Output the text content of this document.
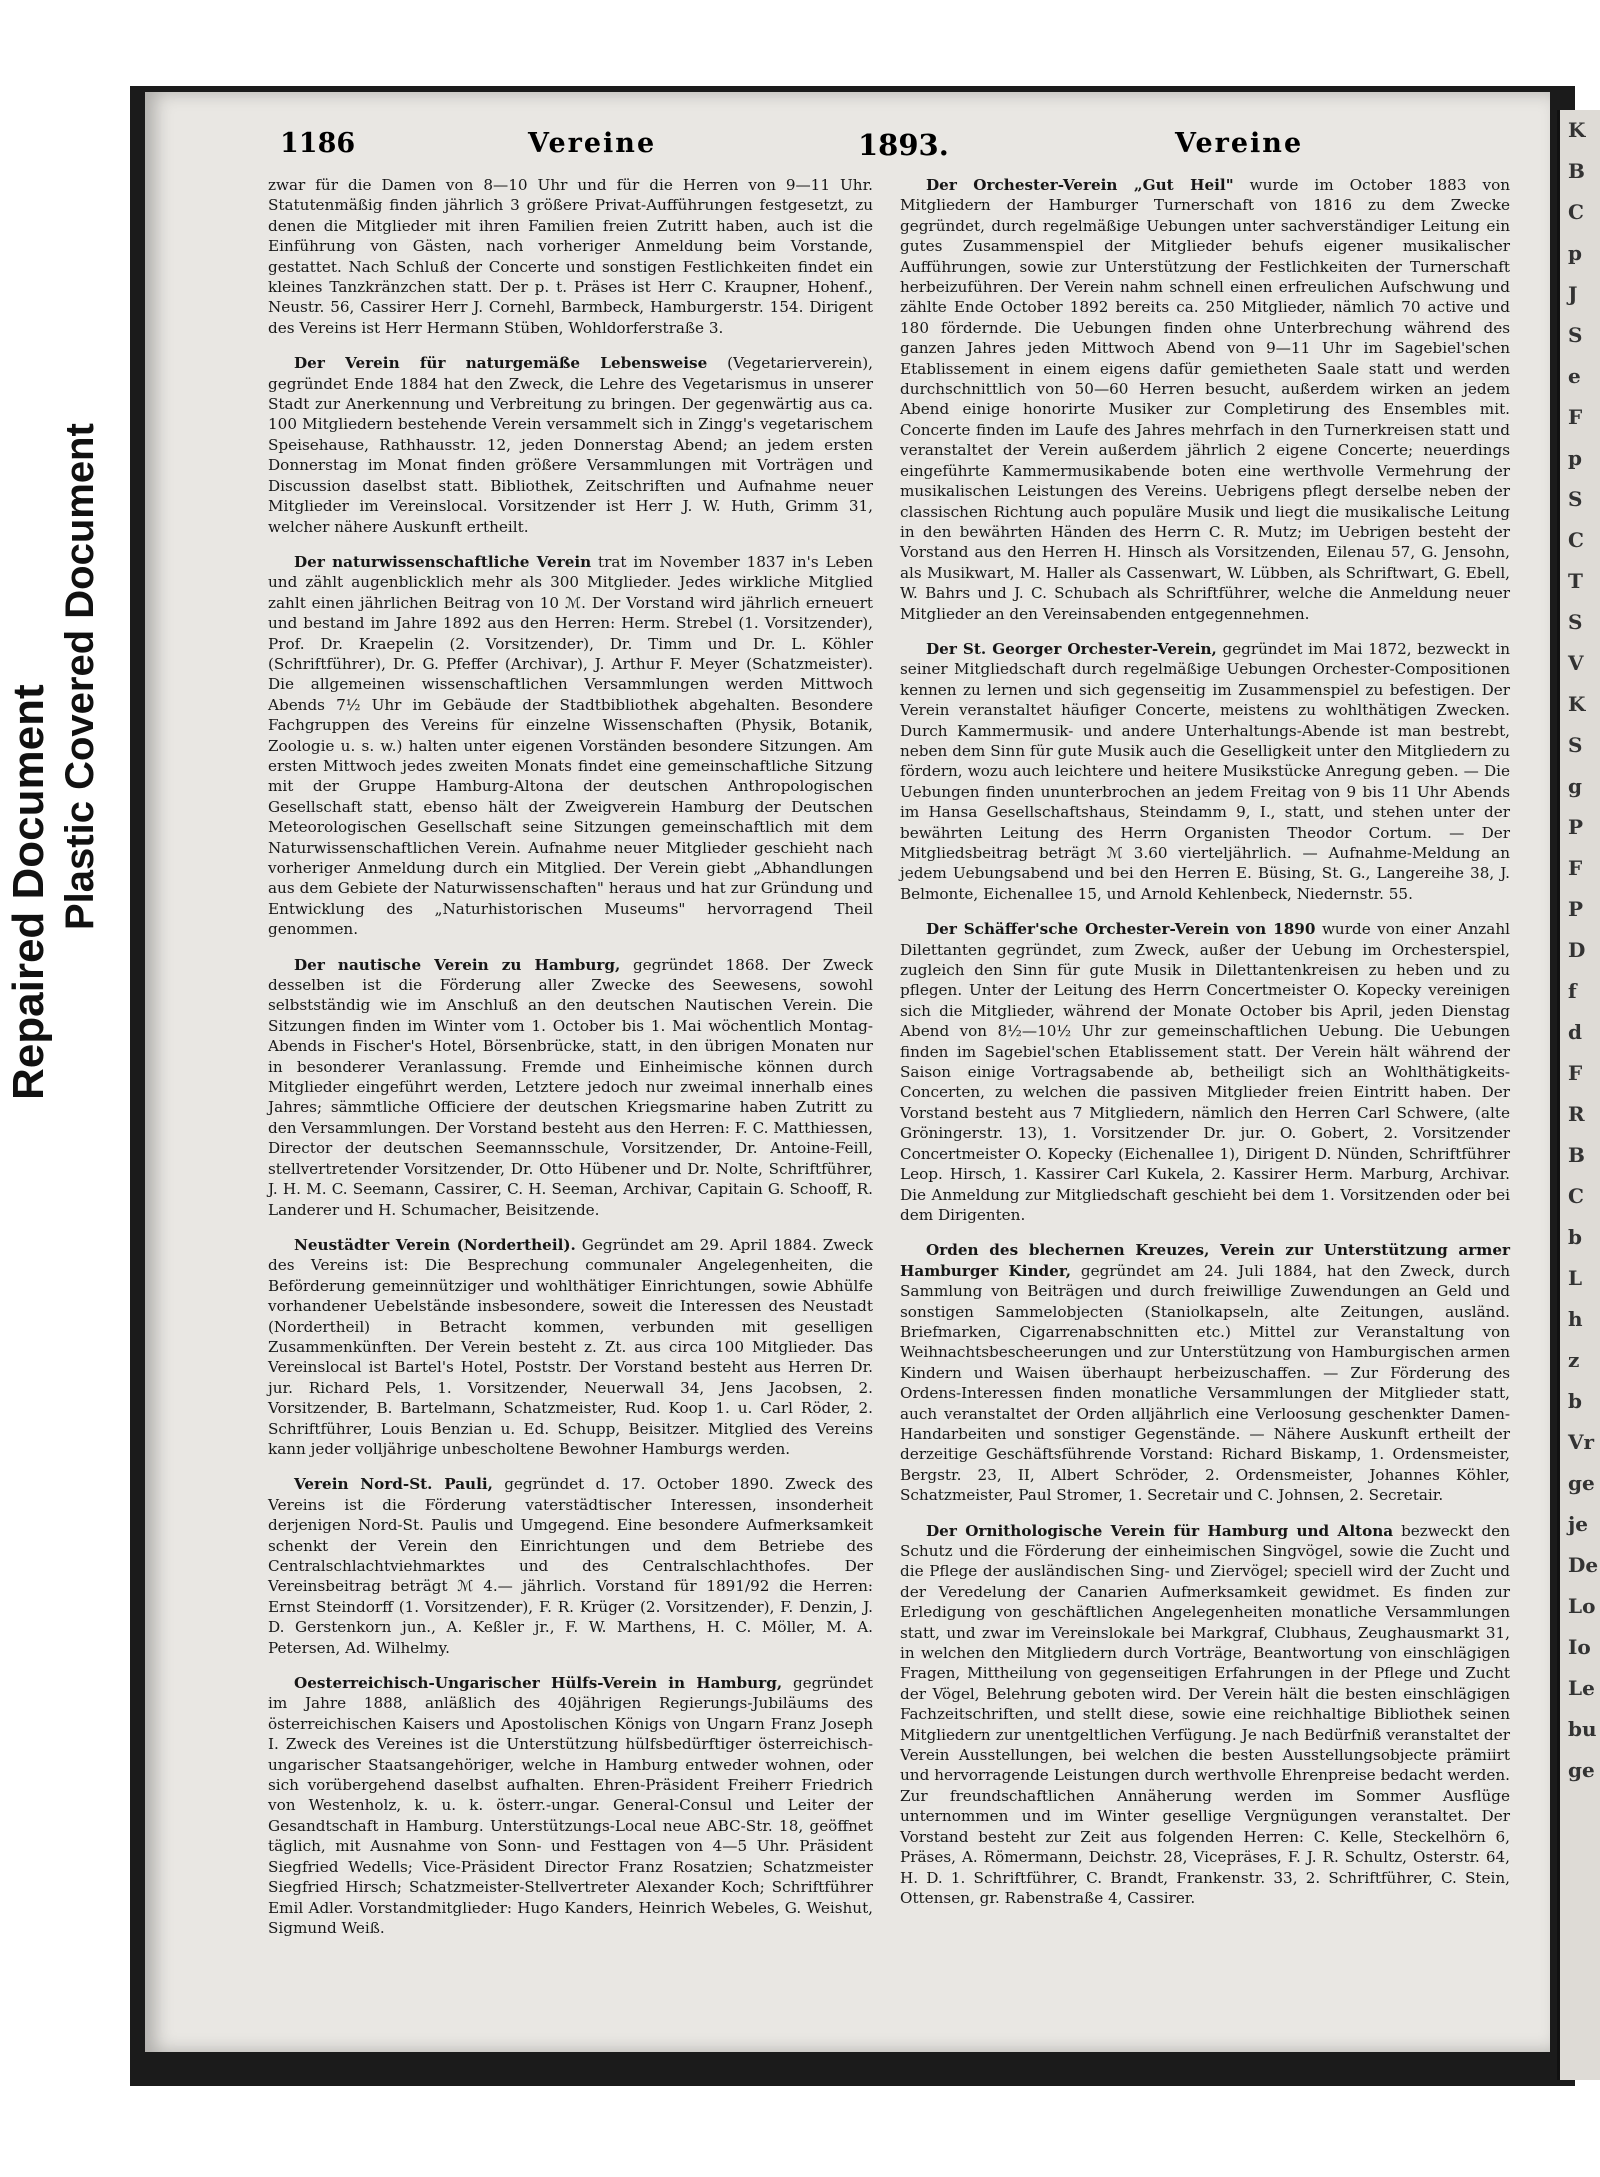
Repaired Document Plastic Covered Document
K
B
C
p
J
S
e
F
p
S
C
T
S
V
K
S
g
P
F
P
D
f
d
F
R
B
C
b
L
h
z
b
Vr
ge
je
De
Lo
Io
Le
bu
ge
1186	Vereine	1893.	Vereine

zwar für die Damen von 8—10 Uhr und für die Herren von 9—11 Uhr. Statutenmäßig finden jährlich 3 größere Privat-Aufführungen festgesetzt, zu denen die Mitglieder mit ihren Familien freien Zutritt haben, auch ist die Einführung von Gästen, nach vorheriger Anmeldung beim Vorstande, gestattet. Nach Schluß der Concerte und sonstigen Festlichkeiten findet ein kleines Tanzkränzchen statt. Der p. t. Präses ist Herr C. Kraupner, Hohenf., Neustr. 56, Cassirer Herr J. Cornehl, Barmbeck, Hamburgerstr. 154. Dirigent des Vereins ist Herr Hermann Stüben, Wohldorferstraße 3.

Der Verein für naturgemäße Lebensweise (Vegetarierverein), gegründet Ende 1884 hat den Zweck, die Lehre des Vegetarismus in unserer Stadt zur Anerkennung und Verbreitung zu bringen. Der gegenwärtig aus ca. 100 Mitgliedern bestehende Verein versammelt sich in Zingg's vegetarischem Speisehause, Rathhausstr. 12, jeden Donnerstag Abend; an jedem ersten Donnerstag im Monat finden größere Versammlungen mit Vorträgen und Discussion daselbst statt. Bibliothek, Zeitschriften und Aufnahme neuer Mitglieder im Vereinslocal. Vorsitzender ist Herr J. W. Huth, Grimm 31, welcher nähere Auskunft ertheilt.

Der naturwissenschaftliche Verein trat im November 1837 in's Leben und zählt augenblicklich mehr als 300 Mitglieder. Jedes wirkliche Mitglied zahlt einen jährlichen Beitrag von 10 ℳ. Der Vorstand wird jährlich erneuert und bestand im Jahre 1892 aus den Herren: Herm. Strebel (1. Vorsitzender), Prof. Dr. Kraepelin (2. Vorsitzender), Dr. Timm und Dr. L. Köhler (Schriftführer), Dr. G. Pfeffer (Archivar), J. Arthur F. Meyer (Schatzmeister). Die allgemeinen wissenschaftlichen Versammlungen werden Mittwoch Abends 7½ Uhr im Gebäude der Stadtbibliothek abgehalten. Besondere Fachgruppen des Vereins für einzelne Wissenschaften (Physik, Botanik, Zoologie u. s. w.) halten unter eigenen Vorständen besondere Sitzungen. Am ersten Mittwoch jedes zweiten Monats findet eine gemeinschaftliche Sitzung mit der Gruppe Hamburg-Altona der deutschen Anthropologischen Gesellschaft statt, ebenso hält der Zweigverein Hamburg der Deutschen Meteorologischen Gesellschaft seine Sitzungen gemeinschaftlich mit dem Naturwissenschaftlichen Verein. Aufnahme neuer Mitglieder geschieht nach vorheriger Anmeldung durch ein Mitglied. Der Verein giebt „Abhandlungen aus dem Gebiete der Naturwissenschaften" heraus und hat zur Gründung und Entwicklung des „Naturhistorischen Museums" hervorragend Theil genommen.

Der nautische Verein zu Hamburg, gegründet 1868. Der Zweck desselben ist die Förderung aller Zwecke des Seewesens, sowohl selbstständig wie im Anschluß an den deutschen Nautischen Verein. Die Sitzungen finden im Winter vom 1. October bis 1. Mai wöchentlich Montag-Abends in Fischer's Hotel, Börsenbrücke, statt, in den übrigen Monaten nur in besonderer Veranlassung. Fremde und Einheimische können durch Mitglieder eingeführt werden, Letztere jedoch nur zweimal innerhalb eines Jahres; sämmtliche Officiere der deutschen Kriegsmarine haben Zutritt zu den Versammlungen. Der Vorstand besteht aus den Herren: F. C. Matthiessen, Director der deutschen Seemannsschule, Vorsitzender, Dr. Antoine-Feill, stellvertretender Vorsitzender, Dr. Otto Hübener und Dr. Nolte, Schriftführer, J. H. M. C. Seemann, Cassirer, C. H. Seeman, Archivar, Capitain G. Schooff, R. Landerer und H. Schumacher, Beisitzende.

Neustädter Verein (Nordertheil). Gegründet am 29. April 1884. Zweck des Vereins ist: Die Besprechung communaler Angelegenheiten, die Beförderung gemeinnütziger und wohlthätiger Einrichtungen, sowie Abhülfe vorhandener Uebelstände insbesondere, soweit die Interessen des Neustadt (Nordertheil) in Betracht kommen, verbunden mit geselligen Zusammenkünften. Der Verein besteht z. Zt. aus circa 100 Mitglieder. Das Vereinslocal ist Bartel's Hotel, Poststr. Der Vorstand besteht aus Herren Dr. jur. Richard Pels, 1. Vorsitzender, Neuerwall 34, Jens Jacobsen, 2. Vorsitzender, B. Bartelmann, Schatzmeister, Rud. Koop 1. u. Carl Röder, 2. Schriftführer, Louis Benzian u. Ed. Schupp, Beisitzer. Mitglied des Vereins kann jeder volljährige unbescholtene Bewohner Hamburgs werden.

Verein Nord-St. Pauli, gegründet d. 17. October 1890. Zweck des Vereins ist die Förderung vaterstädtischer Interessen, insonderheit derjenigen Nord-St. Paulis und Umgegend. Eine besondere Aufmerksamkeit schenkt der Verein den Einrichtungen und dem Betriebe des Centralschlachtviehmarktes und des Centralschlachthofes. Der Vereinsbeitrag beträgt ℳ 4.— jährlich. Vorstand für 1891/92 die Herren: Ernst Steindorff (1. Vorsitzender), F. R. Krüger (2. Vorsitzender), F. Denzin, J. D. Gerstenkorn jun., A. Keßler jr., F. W. Marthens, H. C. Möller, M. A. Petersen, Ad. Wilhelmy.

Oesterreichisch-Ungarischer Hülfs-Verein in Hamburg, gegründet im Jahre 1888, anläßlich des 40jährigen Regierungs-Jubiläums des österreichischen Kaisers und Apostolischen Königs von Ungarn Franz Joseph I. Zweck des Vereines ist die Unterstützung hülfsbedürftiger österreichisch-ungarischer Staatsangehöriger, welche in Hamburg entweder wohnen, oder sich vorübergehend daselbst aufhalten. Ehren-Präsident Freiherr Friedrich von Westenholz, k. u. k. österr.-ungar. General-Consul und Leiter der Gesandtschaft in Hamburg. Unterstützungs-Local neue ABC-Str. 18, geöffnet täglich, mit Ausnahme von Sonn- und Festtagen von 4—5 Uhr. Präsident Siegfried Wedells; Vice-Präsident Director Franz Rosatzien; Schatzmeister Siegfried Hirsch; Schatzmeister-Stellvertreter Alexander Koch; Schriftführer Emil Adler. Vorstandmitglieder: Hugo Kanders, Heinrich Webeles, G. Weishut, Sigmund Weiß.

Der Orchester-Verein „Gut Heil" wurde im October 1883 von Mitgliedern der Hamburger Turnerschaft von 1816 zu dem Zwecke gegründet, durch regelmäßige Uebungen unter sachverständiger Leitung ein gutes Zusammenspiel der Mitglieder behufs eigener musikalischer Aufführungen, sowie zur Unterstützung der Festlichkeiten der Turnerschaft herbeizuführen. Der Verein nahm schnell einen erfreulichen Aufschwung und zählte Ende October 1892 bereits ca. 250 Mitglieder, nämlich 70 active und 180 fördernde. Die Uebungen finden ohne Unterbrechung während des ganzen Jahres jeden Mittwoch Abend von 9—11 Uhr im Sagebiel'schen Etablissement in einem eigens dafür gemietheten Saale statt und werden durchschnittlich von 50—60 Herren besucht, außerdem wirken an jedem Abend einige honorirte Musiker zur Completirung des Ensembles mit. Concerte finden im Laufe des Jahres mehrfach in den Turnerkreisen statt und veranstaltet der Verein außerdem jährlich 2 eigene Concerte; neuerdings eingeführte Kammermusikabende boten eine werthvolle Vermehrung der musikalischen Leistungen des Vereins. Uebrigens pflegt derselbe neben der classischen Richtung auch populäre Musik und liegt die musikalische Leitung in den bewährten Händen des Herrn C. R. Mutz; im Uebrigen besteht der Vorstand aus den Herren H. Hinsch als Vorsitzenden, Eilenau 57, G. Jensohn, als Musikwart, M. Haller als Cassenwart, W. Lübben, als Schriftwart, G. Ebell, W. Bahrs und J. C. Schubach als Schriftführer, welche die Anmeldung neuer Mitglieder an den Vereinsabenden entgegennehmen.

Der St. Georger Orchester-Verein, gegründet im Mai 1872, bezweckt in seiner Mitgliedschaft durch regelmäßige Uebungen Orchester-Compositionen kennen zu lernen und sich gegenseitig im Zusammenspiel zu befestigen. Der Verein veranstaltet häufiger Concerte, meistens zu wohlthätigen Zwecken. Durch Kammermusik- und andere Unterhaltungs-Abende ist man bestrebt, neben dem Sinn für gute Musik auch die Geselligkeit unter den Mitgliedern zu fördern, wozu auch leichtere und heitere Musikstücke Anregung geben. — Die Uebungen finden ununterbrochen an jedem Freitag von 9 bis 11 Uhr Abends im Hansa Gesellschaftshaus, Steindamm 9, I., statt, und stehen unter der bewährten Leitung des Herrn Organisten Theodor Cortum. — Der Mitgliedsbeitrag beträgt ℳ 3.60 vierteljährlich. — Aufnahme-Meldung an jedem Uebungsabend und bei den Herren E. Büsing, St. G., Langereihe 38, J. Belmonte, Eichenallee 15, und Arnold Kehlenbeck, Niedernstr. 55.

Der Schäffer'sche Orchester-Verein von 1890 wurde von einer Anzahl Dilettanten gegründet, zum Zweck, außer der Uebung im Orchesterspiel, zugleich den Sinn für gute Musik in Dilettantenkreisen zu heben und zu pflegen. Unter der Leitung des Herrn Concertmeister O. Kopecky vereinigen sich die Mitglieder, während der Monate October bis April, jeden Dienstag Abend von 8½—10½ Uhr zur gemeinschaftlichen Uebung. Die Uebungen finden im Sagebiel'schen Etablissement statt. Der Verein hält während der Saison einige Vortragsabende ab, betheiligt sich an Wohlthätigkeits-Concerten, zu welchen die passiven Mitglieder freien Eintritt haben. Der Vorstand besteht aus 7 Mitgliedern, nämlich den Herren Carl Schwere, (alte Gröningerstr. 13), 1. Vorsitzender Dr. jur. O. Gobert, 2. Vorsitzender Concertmeister O. Kopecky (Eichenallee 1), Dirigent D. Nünden, Schriftführer Leop. Hirsch, 1. Kassirer Carl Kukela, 2. Kassirer Herm. Marburg, Archivar. Die Anmeldung zur Mitgliedschaft geschieht bei dem 1. Vorsitzenden oder bei dem Dirigenten.

Orden des blechernen Kreuzes, Verein zur Unterstützung armer Hamburger Kinder, gegründet am 24. Juli 1884, hat den Zweck, durch Sammlung von Beiträgen und durch freiwillige Zuwendungen an Geld und sonstigen Sammelobjecten (Staniolkapseln, alte Zeitungen, ausländ. Briefmarken, Cigarrenabschnitten etc.) Mittel zur Veranstaltung von Weihnachtsbescheerungen und zur Unterstützung von Hamburgischen armen Kindern und Waisen überhaupt herbeizuschaffen. — Zur Förderung des Ordens-Interessen finden monatliche Versammlungen der Mitglieder statt, auch veranstaltet der Orden alljährlich eine Verloosung geschenkter Damen-Handarbeiten und sonstiger Gegenstände. — Nähere Auskunft ertheilt der derzeitige Geschäftsführende Vorstand: Richard Biskamp, 1. Ordensmeister, Bergstr. 23, II, Albert Schröder, 2. Ordensmeister, Johannes Köhler, Schatzmeister, Paul Stromer, 1. Secretair und C. Johnsen, 2. Secretair.

Der Ornithologische Verein für Hamburg und Altona bezweckt den Schutz und die Förderung der einheimischen Singvögel, sowie die Zucht und die Pflege der ausländischen Sing- und Ziervögel; speciell wird der Zucht und der Veredelung der Canarien Aufmerksamkeit gewidmet. Es finden zur Erledigung von geschäftlichen Angelegenheiten monatliche Versammlungen statt, und zwar im Vereinslokale bei Markgraf, Clubhaus, Zeughausmarkt 31, in welchen den Mitgliedern durch Vorträge, Beantwortung von einschlägigen Fragen, Mittheilung von gegenseitigen Erfahrungen in der Pflege und Zucht der Vögel, Belehrung geboten wird. Der Verein hält die besten einschlägigen Fachzeitschriften, und stellt diese, sowie eine reichhaltige Bibliothek seinen Mitgliedern zur unentgeltlichen Verfügung. Je nach Bedürfniß veranstaltet der Verein Ausstellungen, bei welchen die besten Ausstellungsobjecte prämiirt und hervorragende Leistungen durch werthvolle Ehrenpreise bedacht werden. Zur freundschaftlichen Annäherung werden im Sommer Ausflüge unternommen und im Winter gesellige Vergnügungen veranstaltet. Der Vorstand besteht zur Zeit aus folgenden Herren: C. Kelle, Steckelhörn 6, Präses, A. Römermann, Deichstr. 28, Vicepräses, F. J. R. Schultz, Osterstr. 64, H. D. 1. Schriftführer, C. Brandt, Frankenstr. 33, 2. Schriftführer, C. Stein, Ottensen, gr. Rabenstraße 4, Cassirer.
